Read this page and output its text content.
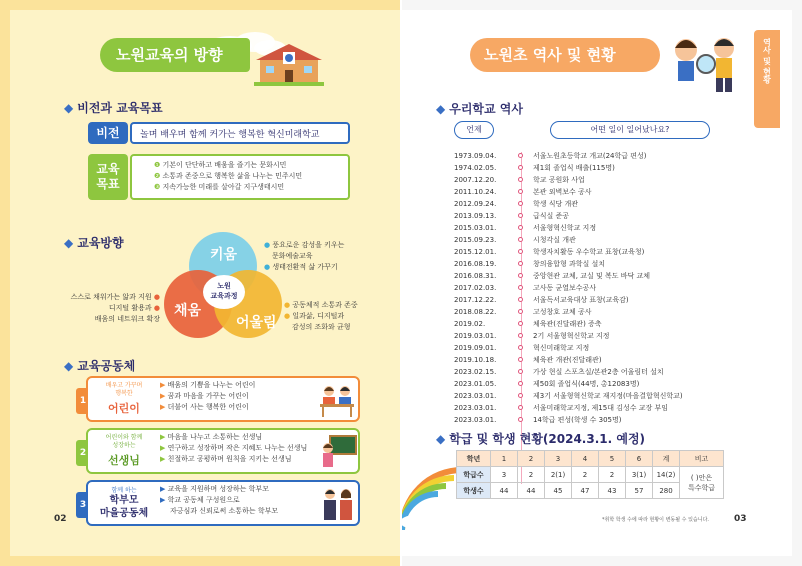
노원교육의 방향
◆ 비전과 교육목표
비전	놀며 배우며 함께 커가는 행복한 혁신미래학교
교육
목표
❶ 기본이 단단하고 배움을 즐기는 문화시민
❷ 소통과 존중으로 행복한 삶을 나누는 민주시민
❸ 지속가능한 미래를 살아갈 지구생태시민
◆ 교육방향
키움
채움
어울림
노원
교육과정
● 풍요로운 감성을 키우는
문화예술교육
● 생태전환적 삶 가꾸기
스스로 채워가는 앎과 지원 ●
디지털 활용과 ●
배움의 네트워크 확장
● 공동체적 소통과 존중
● 일과삶, 디지털과
감성의 조화와 균형
◆ 교육공동체
1
배우고 가꾸며
행복한
어린이
▶ 배움의 기쁨을 나누는 어린이
▶ 꿈과 마음을 가꾸는 어린이
▶ 더불어 사는 행복한 어린이
2
어린이와 함께
성장하는
선생님
▶ 마음을 나누고 소통하는 선생님
▶ 연구하고 성장하며 작은 지혜도 나누는 선생님
▶ 친절하고 공평하며 원칙을 지키는 선생님
3
함께 하는
학부모
마을공동체
▶ 교육을 지원하며 성장하는 학부모
▶ 학교 공동체 구성원으로
자긍심과 신뢰로써 소통하는 학부모
02
노원초 역사 및 현황	역사 및 현황
◆ 우리학교 역사
언제	어떤 일이 일어났나요?
1973.09.04.	서울노원초등학교 개교(24학급 편성)
1974.02.05.	제1회 졸업식 배출(115명)
2007.12.20.	학교 공원화 사업
2011.10.24.	본관 외벽보수 공사
2012.09.24.	학생 식당 개관
2013.09.13.	급식실 준공
2015.03.01.	서울형혁신학교 지정
2015.09.23.	시청각실 개관
2015.12.01.	학생자치활동 우수학교 표창(교육청)
2016.08.19.	창의융합형 과학실 설치
2016.08.31.	중앙현관 교체, 교실 및 복도 바닥 교체
2017.02.03.	고사동 균열보수공사
2017.12.22.	서울독서교육대상 표창(교육감)
2018.08.22.	고성창호 교체 공사
2019.02.	체육관(진달래관) 증축
2019.03.01.	2기 서울형혁신학교 지정
2019.09.01.	혁신미래학교 지정
2019.10.18.	체육관 개관(진달래관)
2023.02.15.	가상 현실 스포츠실/본관2층 어울림터 설치
2023.01.05.	제50회 졸업식(44명, 총12083명)
2023.03.01.	제3기 서울형혁신학교 재지정(마을결합혁신학교)
2023.03.01.	서울미래학교지정, 제15대 김성수 교장 부임
2023.03.01.	14학급 편성(학생 수 305명)
◆ 학급 및 학생 현황(2024.3.1. 예정)
학년	1	2	3	4	5	6	계	비고
학급수	3	2	2(1)	2	2	3(1)	14(2)	( )안은
특수학급

학생수	44	44	45	47	43	57	280	
*취학 학생 수에 따라 현황이 변동될 수 있습니다.	03
